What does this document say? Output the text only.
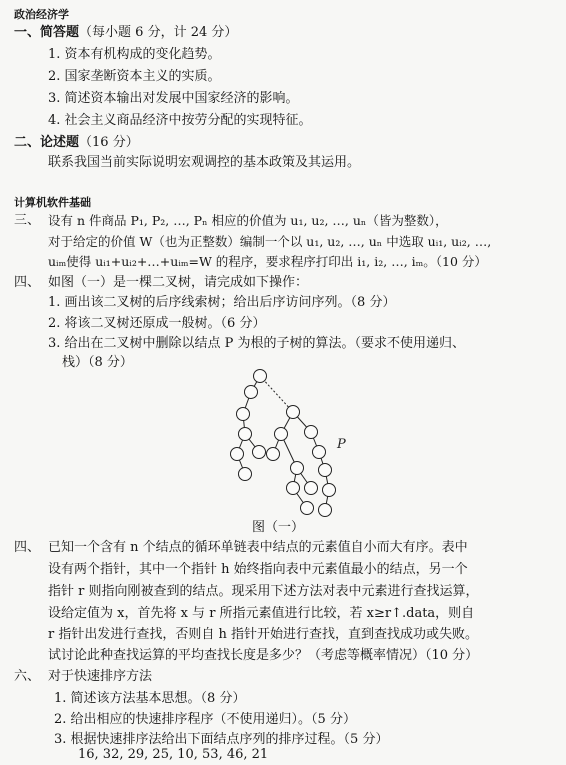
政治经济学
一、简答题（每小题 6 分，计 24 分）
1. 资本有机构成的变化趋势。
2. 国家垄断资本主义的实质。
3. 简述资本输出对发展中国家经济的影响。
4. 社会主义商品经济中按劳分配的实现特征。
二、论述题（16 分）
联系我国当前实际说明宏观调控的基本政策及其运用。
计算机软件基础
三、 设有 n 件商品 P₁, P₂, …, Pₙ 相应的价值为 u₁, u₂, …, uₙ（皆为整数），
对于给定的价值 W（也为正整数）编制一个以 u₁, u₂, …, uₙ 中选取 uᵢ₁, uᵢ₂, …,
uᵢₘ使得 uᵢ₁+uᵢ₂+…+uᵢₘ=W 的程序，要求程序打印出 i₁, i₂, …, iₘ。（10 分）
四、 如图（一）是一棵二叉树，请完成如下操作：
1. 画出该二叉树的后序线索树；给出后序访问序列。（8 分）
2. 将该二叉树还原成一般树。（6 分）
3. 给出在二叉树中删除以结点 P 为根的子树的算法。（要求不使用递归、
栈）（8 分）
P
图（一）
四、 已知一个含有 n 个结点的循环单链表中结点的元素值自小而大有序。表中
设有两个指针，其中一个指针 h 始终指向表中元素值最小的结点，另一个
指针 r 则指向刚被查到的结点。现采用下述方法对表中元素进行查找运算，
设给定值为 x，首先将 x 与 r 所指元素值进行比较，若 x≥r↑.data，则自
r 指针出发进行查找，否则自 h 指针开始进行查找，直到查找成功或失败。
试讨论此种查找运算的平均查找长度是多少？（考虑等概率情况）（10 分）
六、 对于快速排序方法
1. 简述该方法基本思想。（8 分）
2. 给出相应的快速排序程序（不使用递归）。（5 分）
3. 根据快速排序法给出下面结点序列的排序过程。（5 分）
16, 32, 29, 25, 10, 53, 46, 21
